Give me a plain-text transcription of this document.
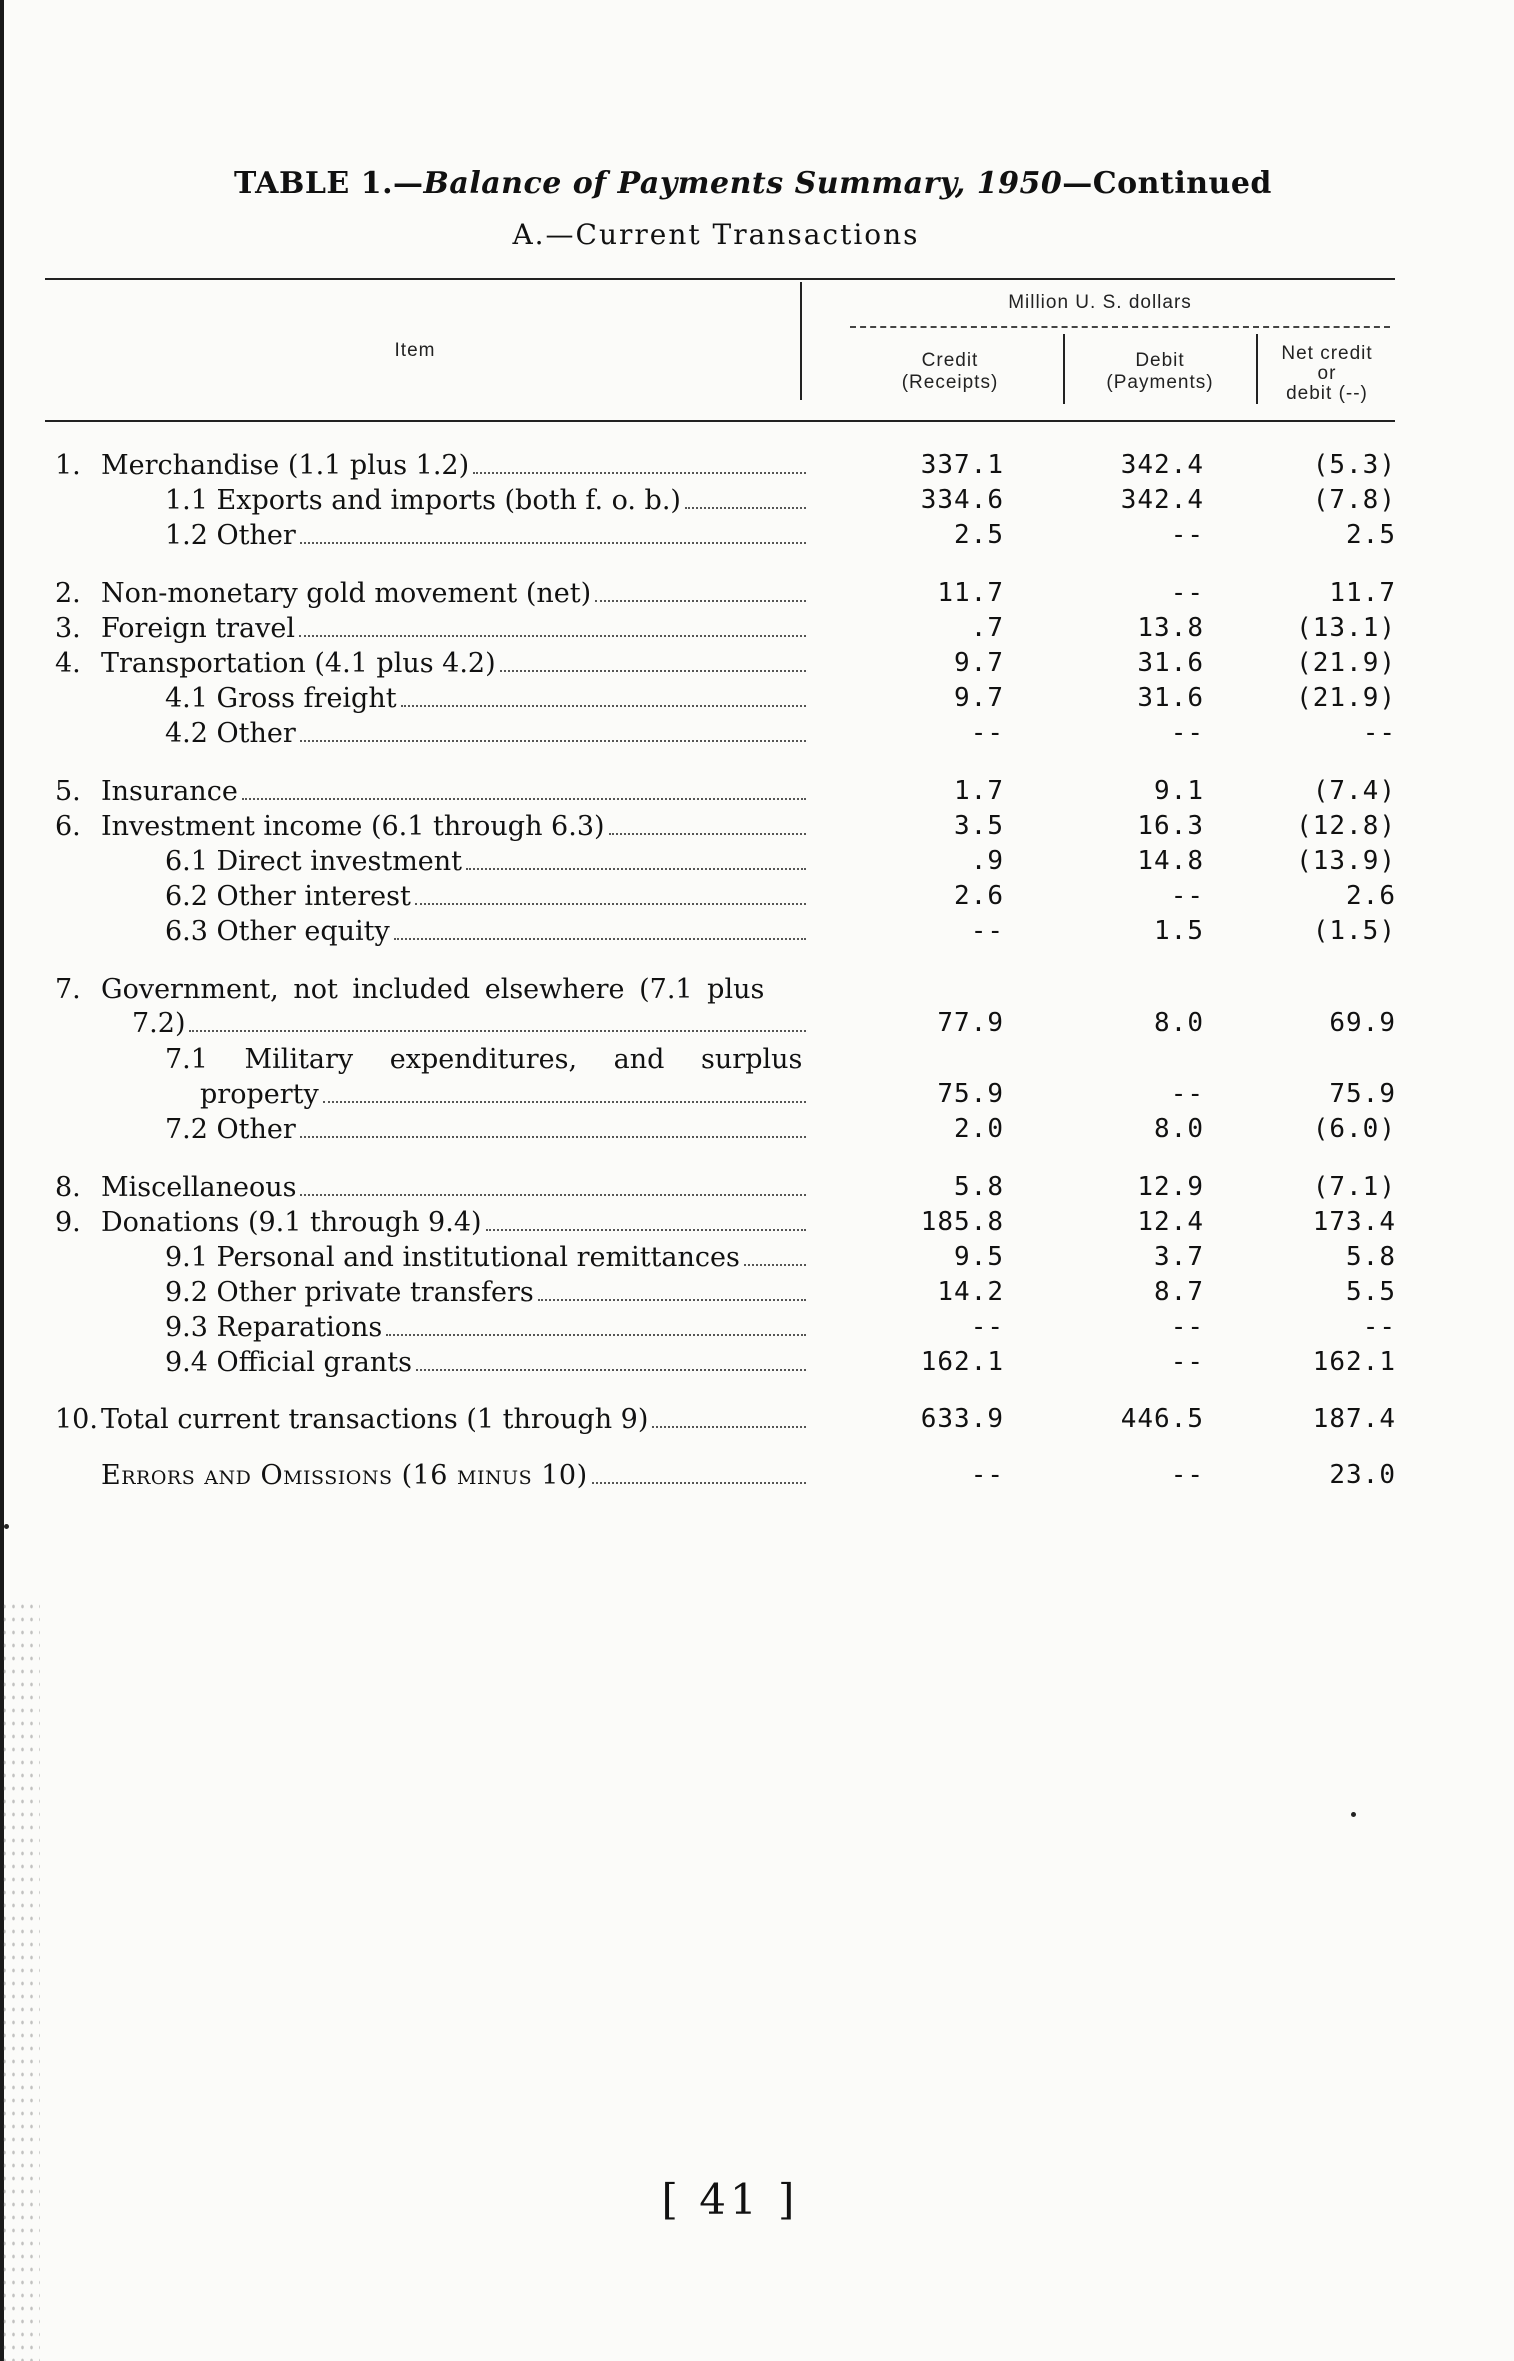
TABLE 1.—Balance of Payments Summary, 1950—Continued
A.—Current Transactions
Item
Million U. S. dollars
Credit
(Receipts)
Debit
(Payments)
Net credit
or
debit (--)
1. Merchandise (1.1 plus 1.2)	337.1	342.4	(5.3)
1.1 Exports and imports (both f. o. b.)	334.6	342.4	(7.8)
1.2 Other	2.5	--	2.5
2. Non-monetary gold movement (net)	11.7	--	11.7
3. Foreign travel	.7	13.8	(13.1)
4. Transportation (4.1 plus 4.2)	9.7	31.6	(21.9)
4.1 Gross freight	9.7	31.6	(21.9)
4.2 Other	--	--	--
5. Insurance	1.7	9.1	(7.4)
6. Investment income (6.1 through 6.3)	3.5	16.3	(12.8)
6.1 Direct investment	.9	14.8	(13.9)
6.2 Other interest	2.6	--	2.6
6.3 Other equity	--	1.5	(1.5)
7. Government, not included elsewhere (7.1 plus
7.2)	77.9	8.0	69.9
7.1 Military expenditures, and surplus
property	75.9	--	75.9
7.2 Other	2.0	8.0	(6.0)
8. Miscellaneous	5.8	12.9	(7.1)
9. Donations (9.1 through 9.4)	185.8	12.4	173.4
9.1 Personal and institutional remittances	9.5	3.7	5.8
9.2 Other private transfers	14.2	8.7	5.5
9.3 Reparations	--	--	--
9.4 Official grants	162.1	--	162.1
10. Total current transactions (1 through 9)	633.9	446.5	187.4
Errors and Omissions (16 minus 10)	--	--	23.0
[ 41 ]
